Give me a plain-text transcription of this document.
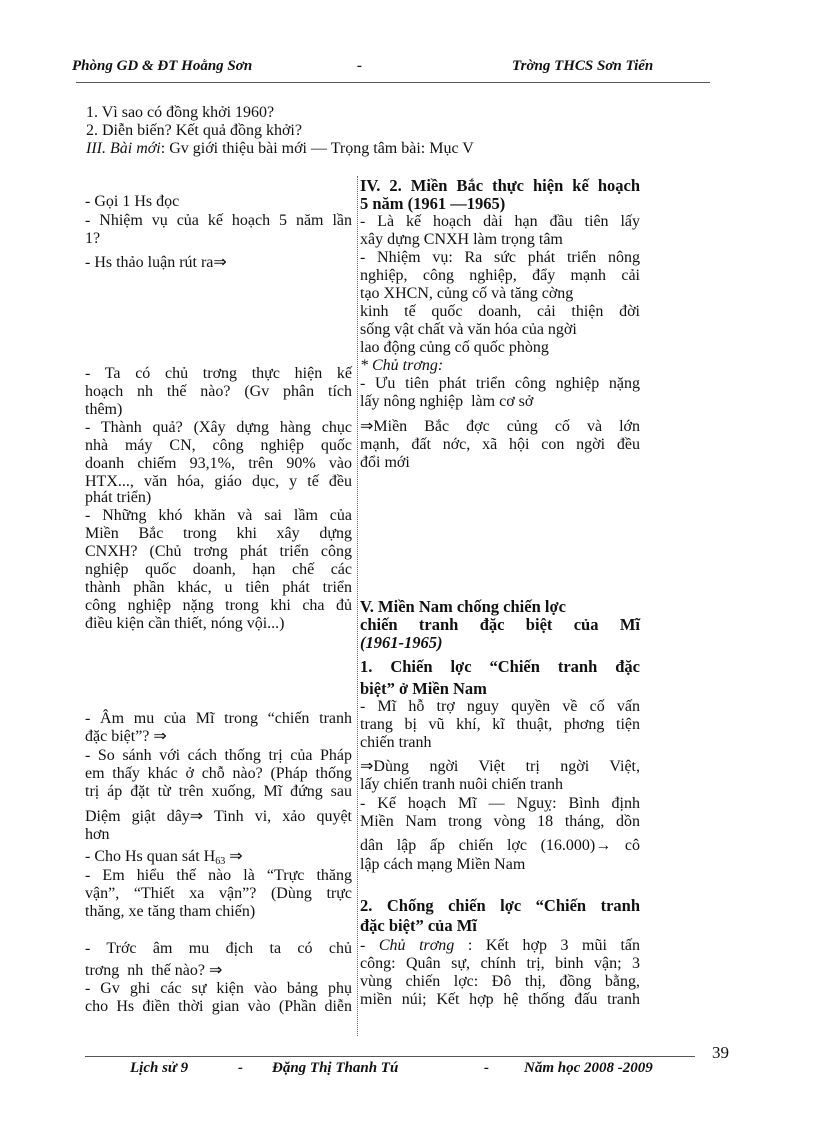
Phòng GD & ĐT Hoằng Sơn	-	Trờng THCS Sơn Tiến
1. Vì sao có đồng khởi 1960?
2. Diễn biến? Kết quả đồng khởi?
III. Bài mới: Gv giới thiệu bài mới — Trọng tâm bài: Mục V
- Gọi 1 Hs đọc
- Nhiệm vụ của kế hoạch 5 năm lần
1?
- Hs thảo luận rút ra⇒
- Ta có chủ trơng thực hiện kế
hoạch nh thế nào? (Gv phân tích
thêm)
- Thành quả? (Xây dựng hàng chục
nhà máy CN, công nghiệp quốc
doanh chiếm 93,1%, trên 90% vào
HTX..., văn hóa, giáo dục, y tế đều
phát triển)
- Những khó khăn và sai lầm của
Miền Bắc trong khi xây dựng
CNXH? (Chủ trơng phát triển công
nghiệp quốc doanh, hạn chế các
thành phần khác, u tiên phát triển
công nghiệp nặng trong khi cha đủ
điều kiện cần thiết, nóng vội...)
- Âm mu của Mĩ trong “chiến tranh
đặc biệt”? ⇒
- So sánh với cách thống trị của Pháp
em thấy khác ở chỗ nào? (Pháp thống
trị áp đặt từ trên xuống, Mĩ đứng sau
Diệm giật dây⇒ Tinh vi, xảo quyệt
hơn
- Cho Hs quan sát $H_{63}$ ⇒
- Em hiểu thế nào là “Trực thăng
vận”, “Thiết xa vận”? (Dùng trực
thăng, xe tăng tham chiến)
- Trớc âm mu địch ta có chủ
trơng  nh  thế nào? ⇒
- Gv ghi các sự kiện vào bảng phụ
cho Hs điền thời gian vào (Phần diễn
IV. 2. Miền Bắc thực hiện kế hoạch
5 năm (1961 —1965)
- Là kế hoạch dài hạn đầu tiên lấy
xây dựng CNXH làm trọng tâm
- Nhiệm vụ: Ra sức phát triển nông
nghiệp, công nghiệp, đẩy mạnh cải
tạo XHCN, củng cố và tăng cờng
kinh tế quốc doanh, cải thiện đời
sống vật chất và văn hóa của ngời
lao động củng cố quốc phòng
* Chủ trơng:
- Ưu tiên phát triển công nghiệp nặng
lấy nông nghiệp  làm cơ sở
⇒Miền Bắc đợc củng cố và lớn
mạnh, đất nớc, xã hội con ngời đều
đổi mới
V. Miền Nam chống chiến lợc
chiến tranh đặc biệt của Mĩ
(1961-1965)
1. Chiến lợc “Chiến tranh đặc
biệt” ở Miền Nam
- Mĩ hỗ trợ nguy quyền về cố vấn
trang bị vũ khí, kĩ thuật, phơng tiện
chiến tranh
⇒Dùng ngời Việt trị ngời Việt,
lấy chiến tranh nuôi chiến tranh
- Kế hoạch Mĩ — Nguỵ: Bình định
Miền Nam trong vòng 18 tháng, dồn
dân lập ấp chiến lợc (16.000)→ cô
lập cách mạng Miền Nam
2. Chống chiến lợc “Chiến tranh
đặc biệt” của Mĩ
- Chủ trơng : Kết hợp 3 mũi tấn
công: Quân sự, chính trị, binh vận; 3
vùng chiến lợc: Đô thị, đồng bằng,
miền núi; Kết hợp hệ thống đấu tranh
39
Lịch sử 9	- Đặng Thị Thanh Tú	- Năm học 2008 -2009
